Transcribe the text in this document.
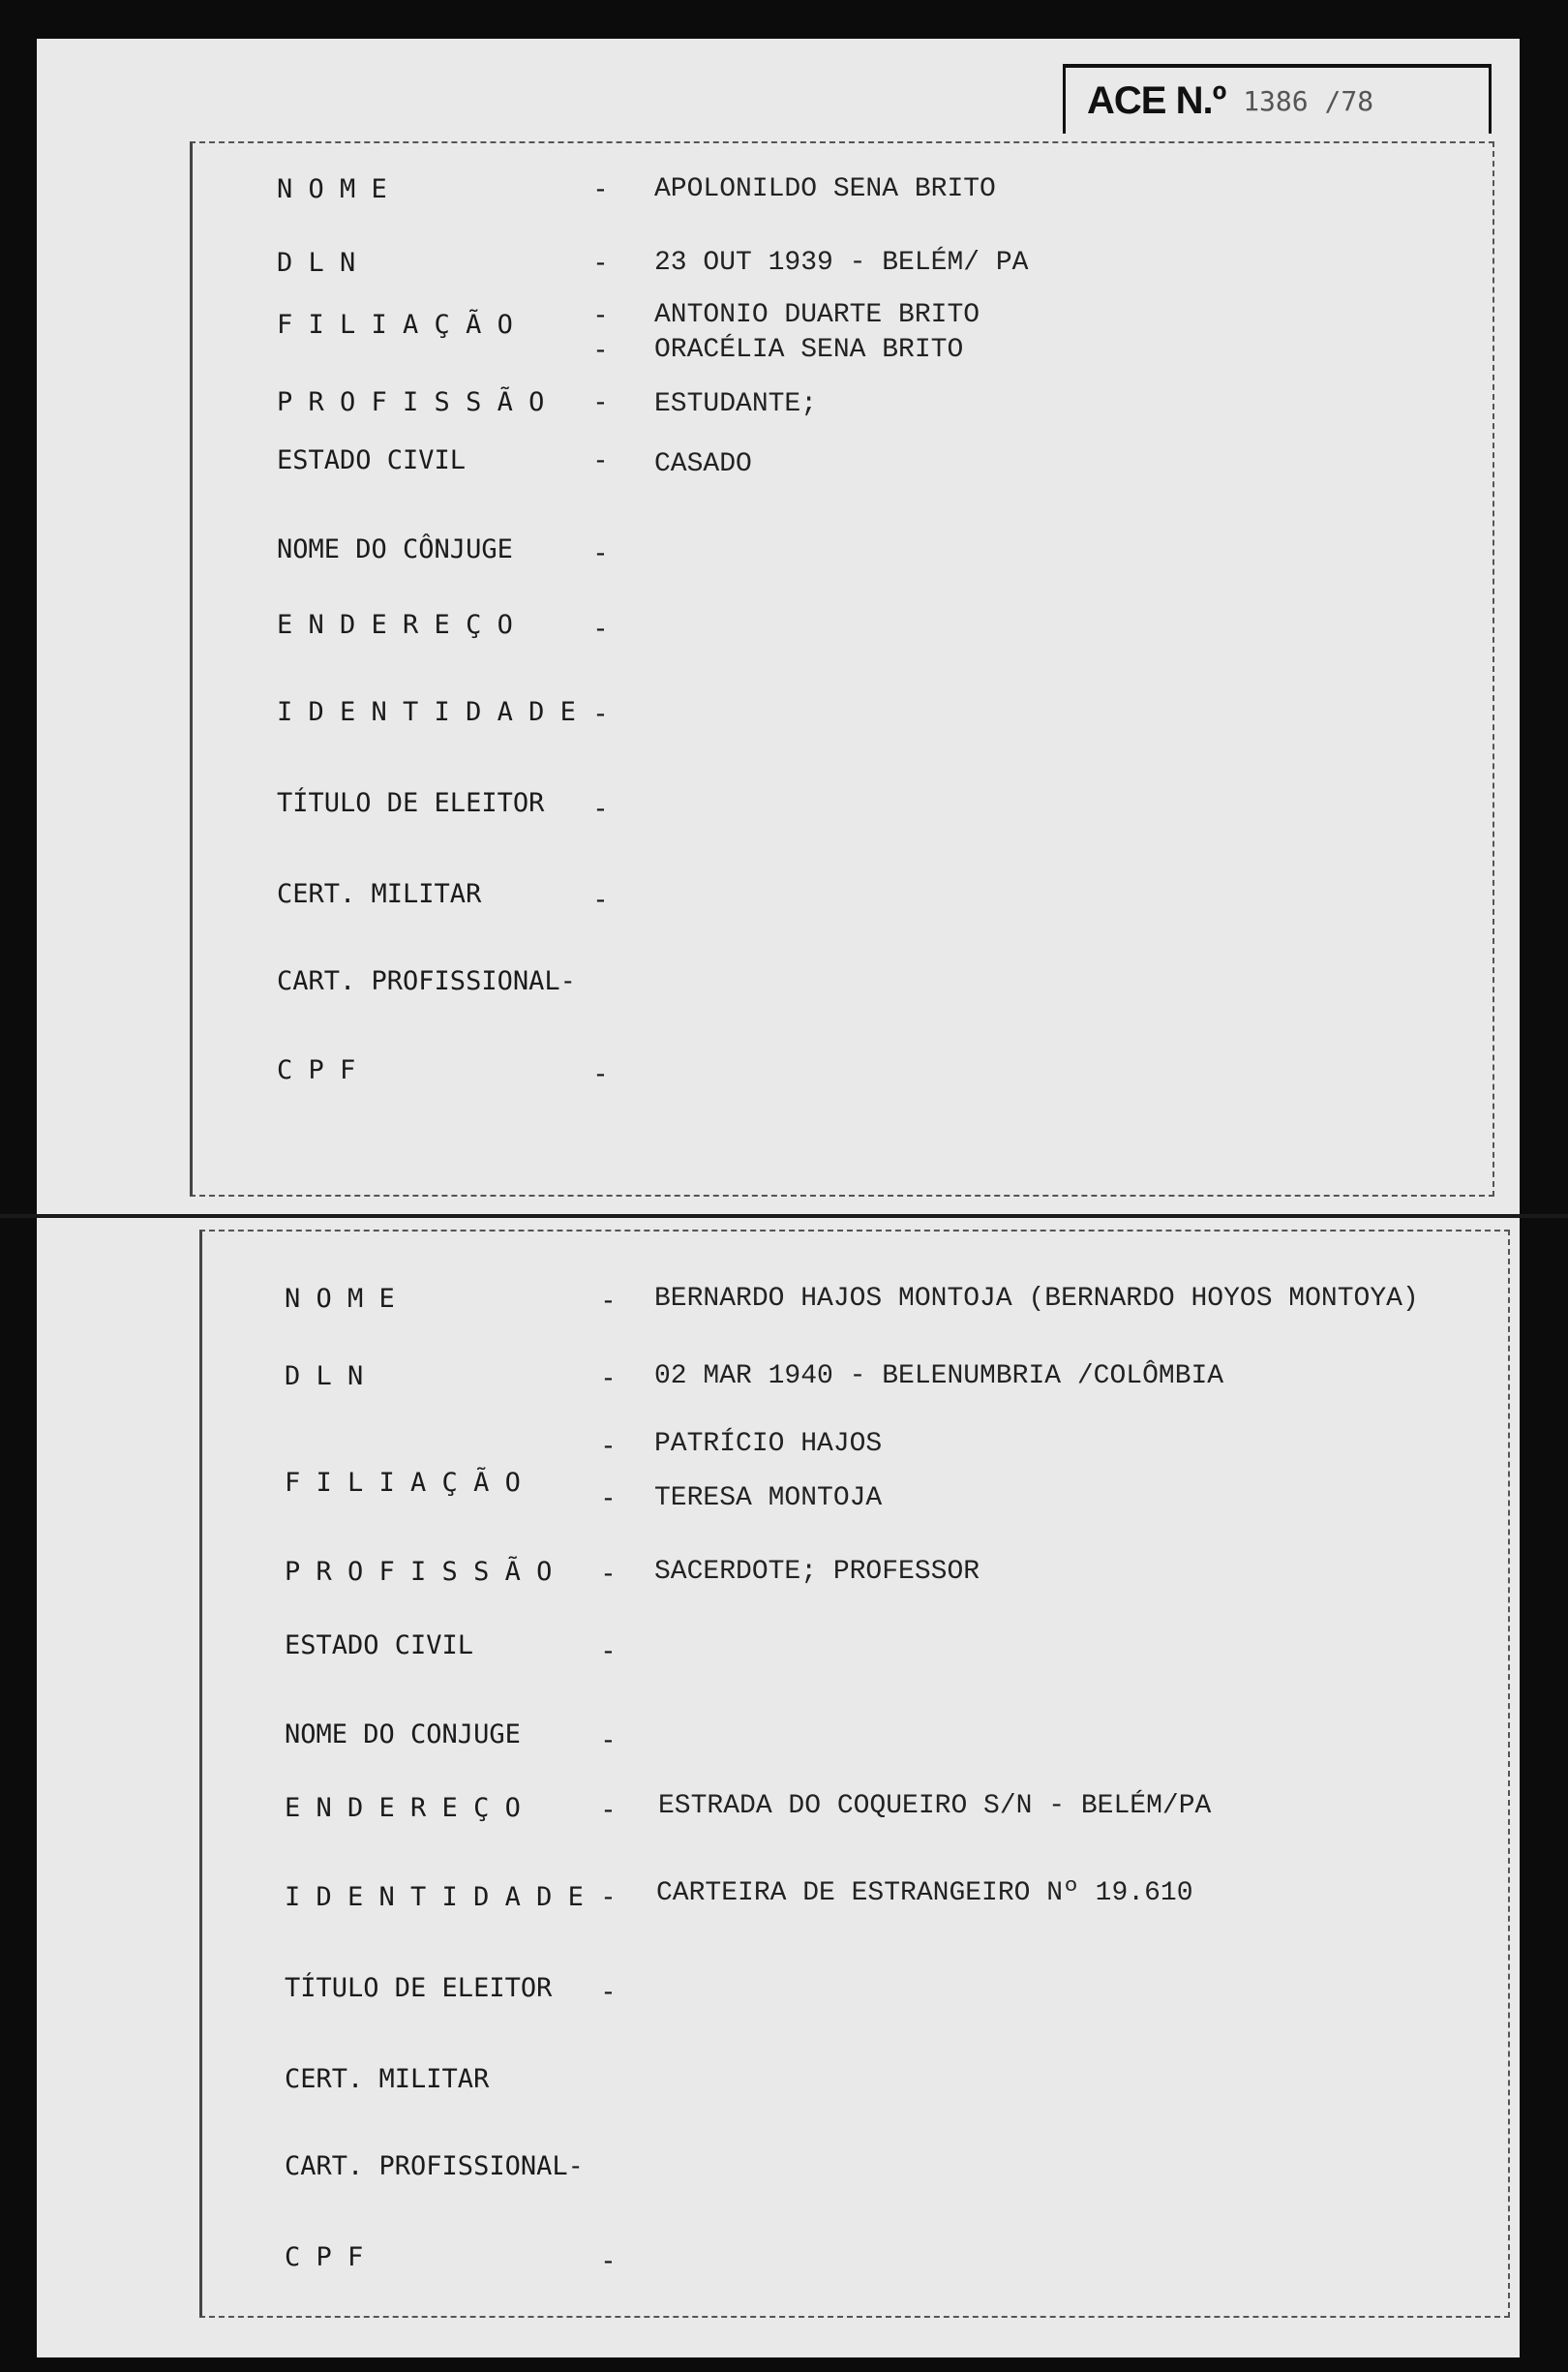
ACE N.º 1386 /78
N O M E	- APOLONILDO SENA BRITO
D L N	- 23 OUT 1939 - BELÉM/ PA
F I L I A Ç Ã O	- ANTONIO DUARTE BRITO
- ORACÉLIA SENA BRITO
P R O F I S S Ã O - ESTUDANTE;
ESTADO CIVIL	- CASADO
NOME DO CÔNJUGE	-
E N D E R E Ç O	-
I D E N T I D A D E -
TÍTULO DE ELEITOR -
CERT. MILITAR	-
CART. PROFISSIONAL-
C P F	-
N O M E	- BERNARDO HAJOS MONTOJA (BERNARDO HOYOS MONTOYA)
D L N	- 02 MAR 1940 - BELENUMBRIA /COLÔMBIA
- PATRÍCIO HAJOS
F I L I A Ç Ã O	- TERESA MONTOJA
P R O F I S S Ã O - SACERDOTE; PROFESSOR
ESTADO CIVIL	-
NOME DO CONJUGE	-
E N D E R E Ç O	- ESTRADA DO COQUEIRO S/N - BELÉM/PA
I D E N T I D A D E - CARTEIRA DE ESTRANGEIRO Nº 19.610
TÍTULO DE ELEITOR -
CERT. MILITAR
CART. PROFISSIONAL-
C P F	-
